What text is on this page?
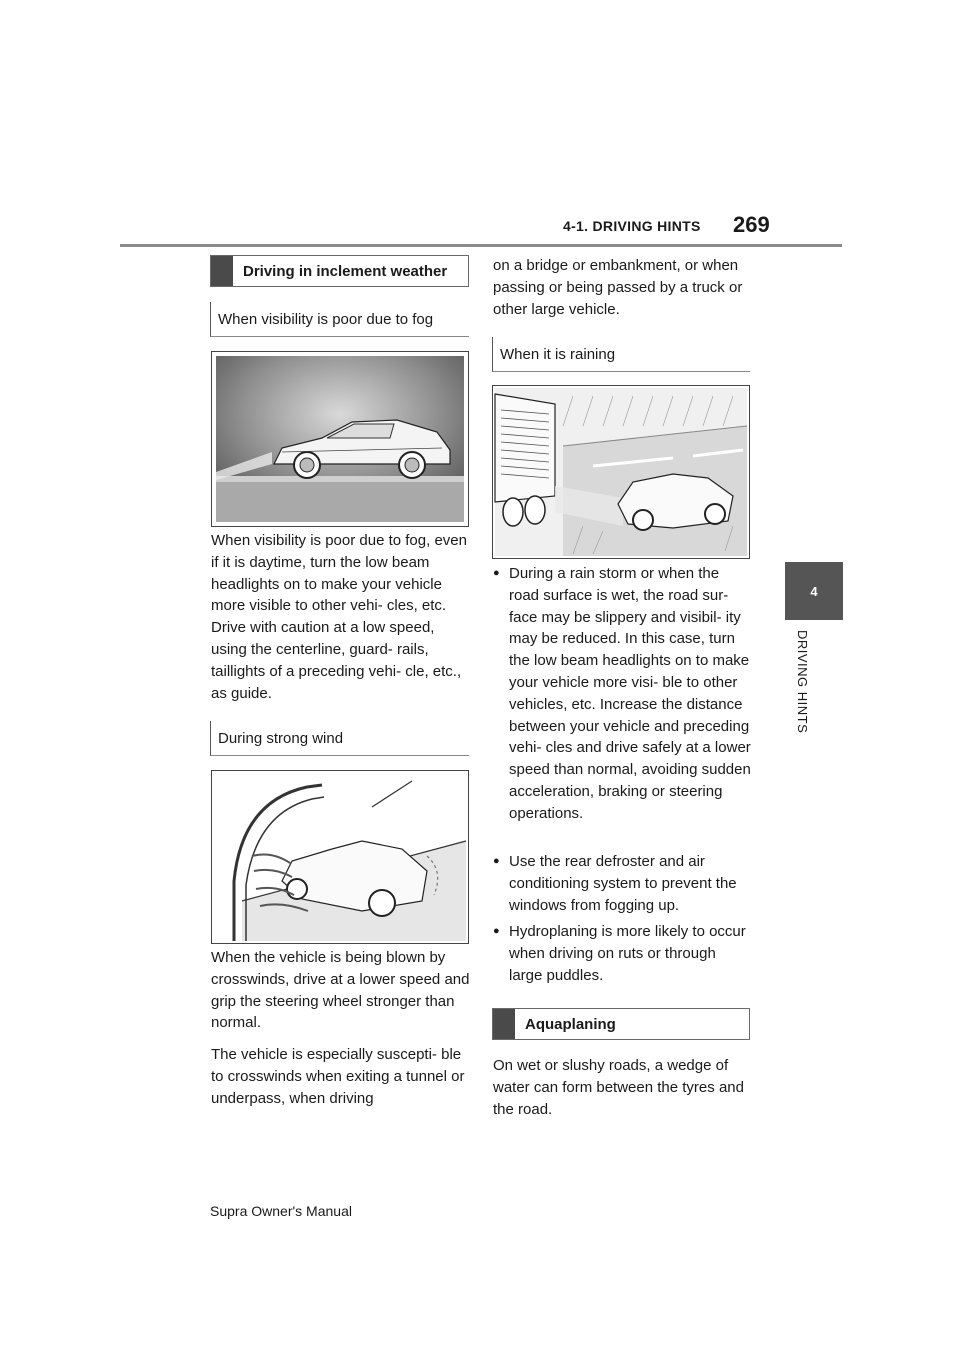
4-1. DRIVING HINTS 269
4
DRIVING HINTS
Driving in inclement weather
When visibility is poor due to fog
When visibility is poor due to fog, even if it is daytime, turn the low beam headlights on to make your vehicle more visible to other vehi- cles, etc. Drive with caution at a low speed, using the centerline, guard- rails, taillights of a preceding vehi- cle, etc., as guide.
During strong wind
When the vehicle is being blown by crosswinds, drive at a lower speed and grip the steering wheel stronger than normal.
The vehicle is especially suscepti- ble to crosswinds when exiting a tunnel or underpass, when driving
on a bridge or embankment, or when passing or being passed by a truck or other large vehicle.
When it is raining
● During a rain storm or when the road surface is wet, the road sur- face may be slippery and visibil- ity may be reduced. In this case, turn the low beam headlights on to make your vehicle more visi- ble to other vehicles, etc. Increase the distance between your vehicle and preceding vehi- cles and drive safely at a lower speed than normal, avoiding sudden acceleration, braking or steering operations.
● Use the rear defroster and air conditioning system to prevent the windows from fogging up.
● Hydroplaning is more likely to occur when driving on ruts or through large puddles.
Aquaplaning
On wet or slushy roads, a wedge of water can form between the tyres and the road.
Supra Owner's Manual
